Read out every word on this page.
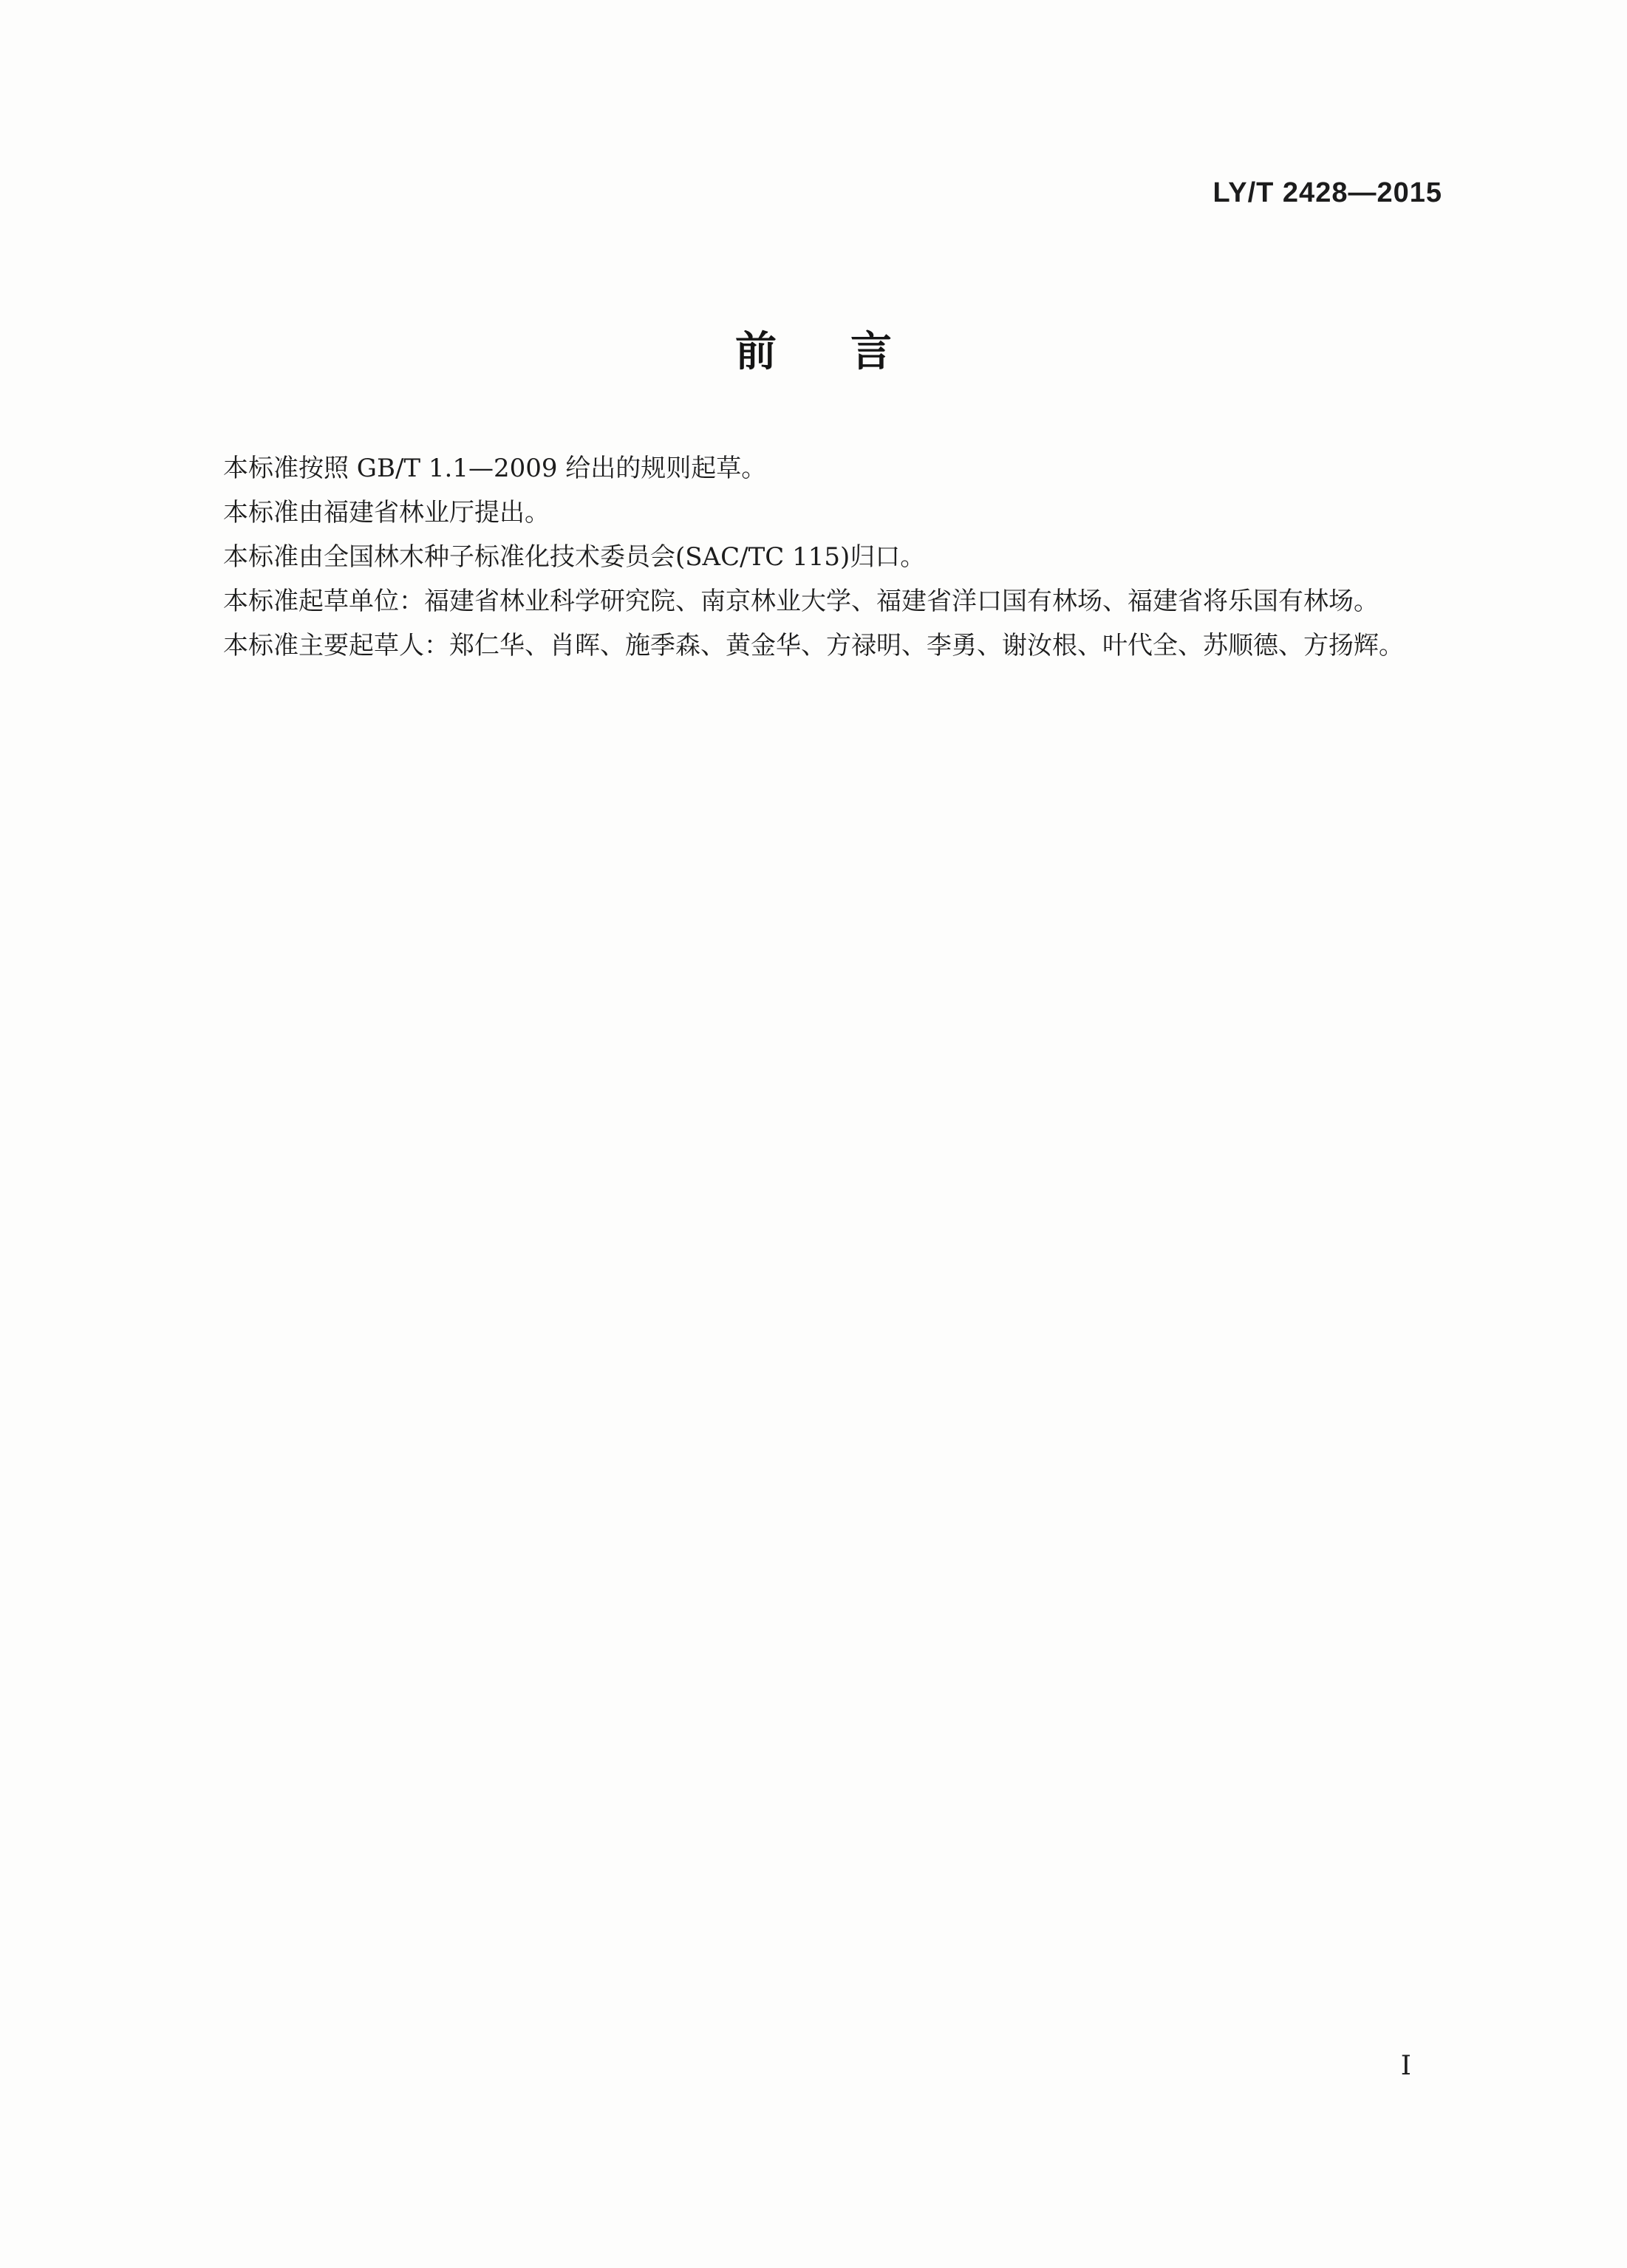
LY/T 2428—2015
前言

本标准按照 GB/T 1.1—2009 给出的规则起草。

本标准由福建省林业厅提出。

本标准由全国林木种子标准化技术委员会(SAC/TC 115)归口。

本标准起草单位：福建省林业科学研究院、南京林业大学、福建省洋口国有林场、福建省将乐国有林场。

本标准主要起草人：郑仁华、肖晖、施季森、黄金华、方禄明、李勇、谢汝根、叶代全、苏顺德、方扬辉。

I
